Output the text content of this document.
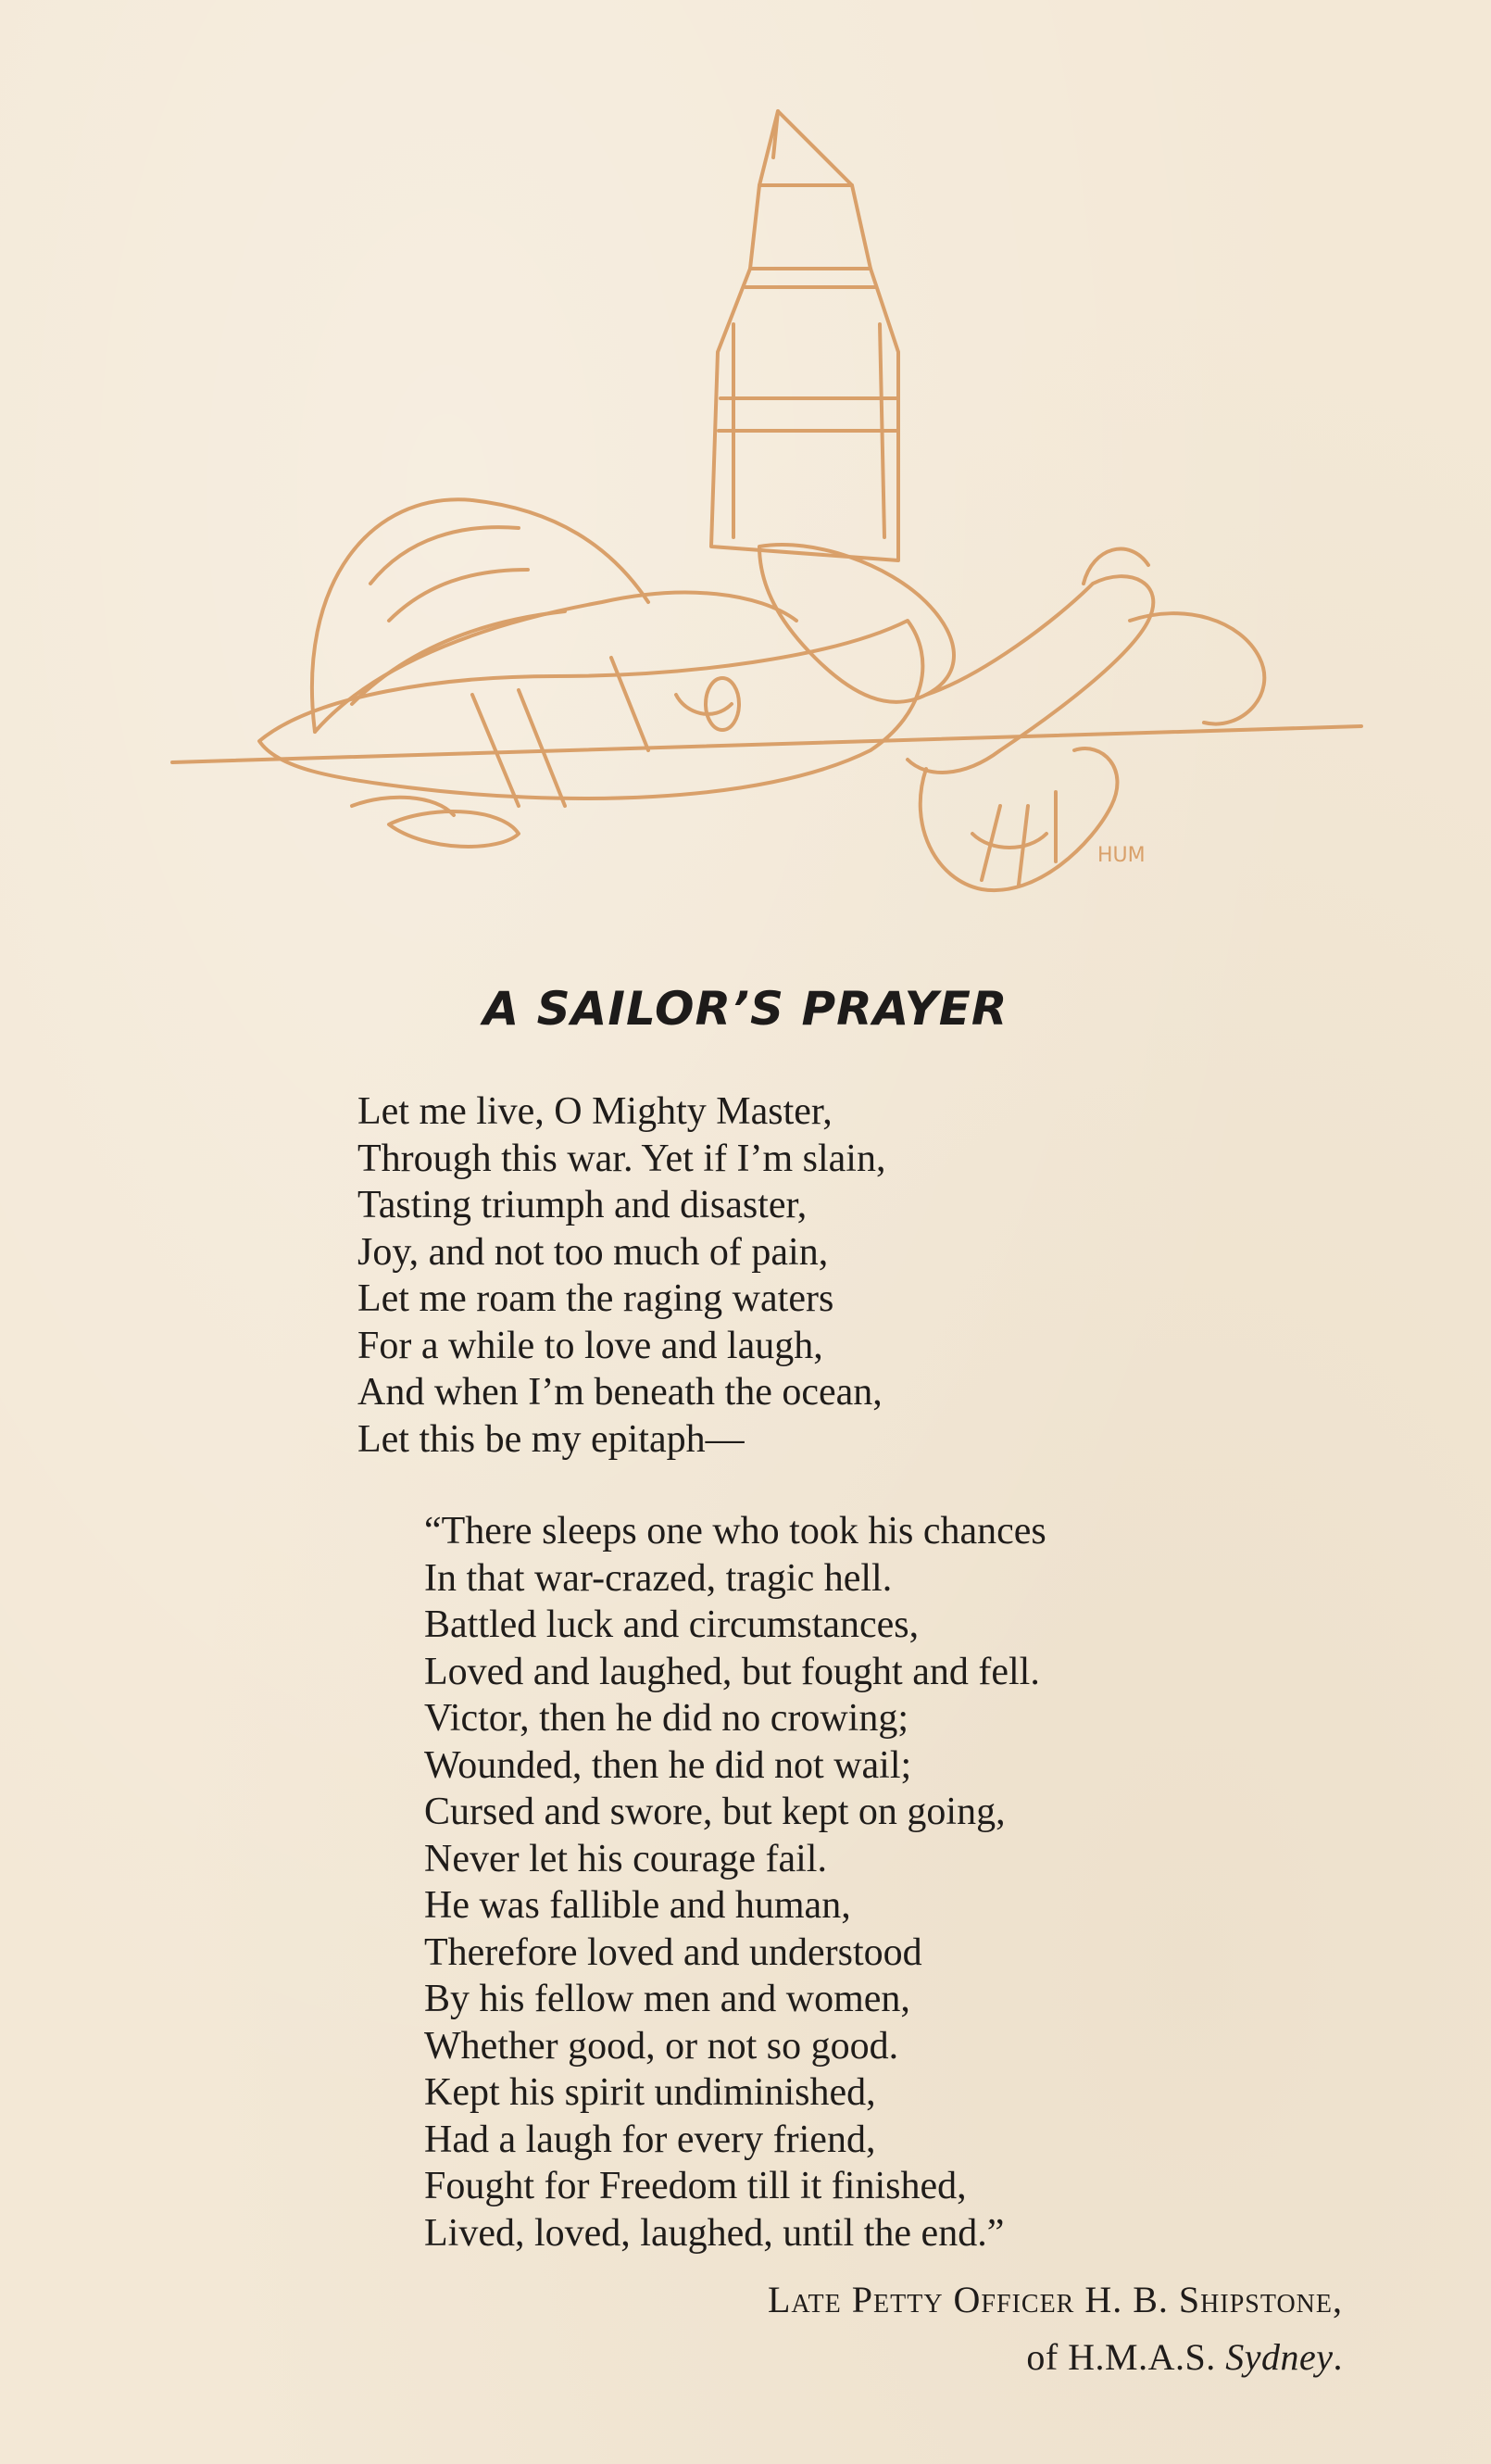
HUM
A SAILOR’S PRAYER
Let me live, O Mighty Master,
Through this war. Yet if I’m slain,
Tasting triumph and disaster,
Joy, and not too much of pain,
Let me roam the raging waters
For a while to love and laugh,
And when I’m beneath the ocean,
Let this be my epitaph—
“There sleeps one who took his chances
In that war-crazed, tragic hell.
Battled luck and circumstances,
Loved and laughed, but fought and fell.
Victor, then he did no crowing;
Wounded, then he did not wail;
Cursed and swore, but kept on going,
Never let his courage fail.
He was fallible and human,
Therefore loved and understood
By his fellow men and women,
Whether good, or not so good.
Kept his spirit undiminished,
Had a laugh for every friend,
Fought for Freedom till it finished,
Lived, loved, laughed, until the end.”
Late Petty Officer H. B. Shipstone,
of H.M.A.S. Sydney.
